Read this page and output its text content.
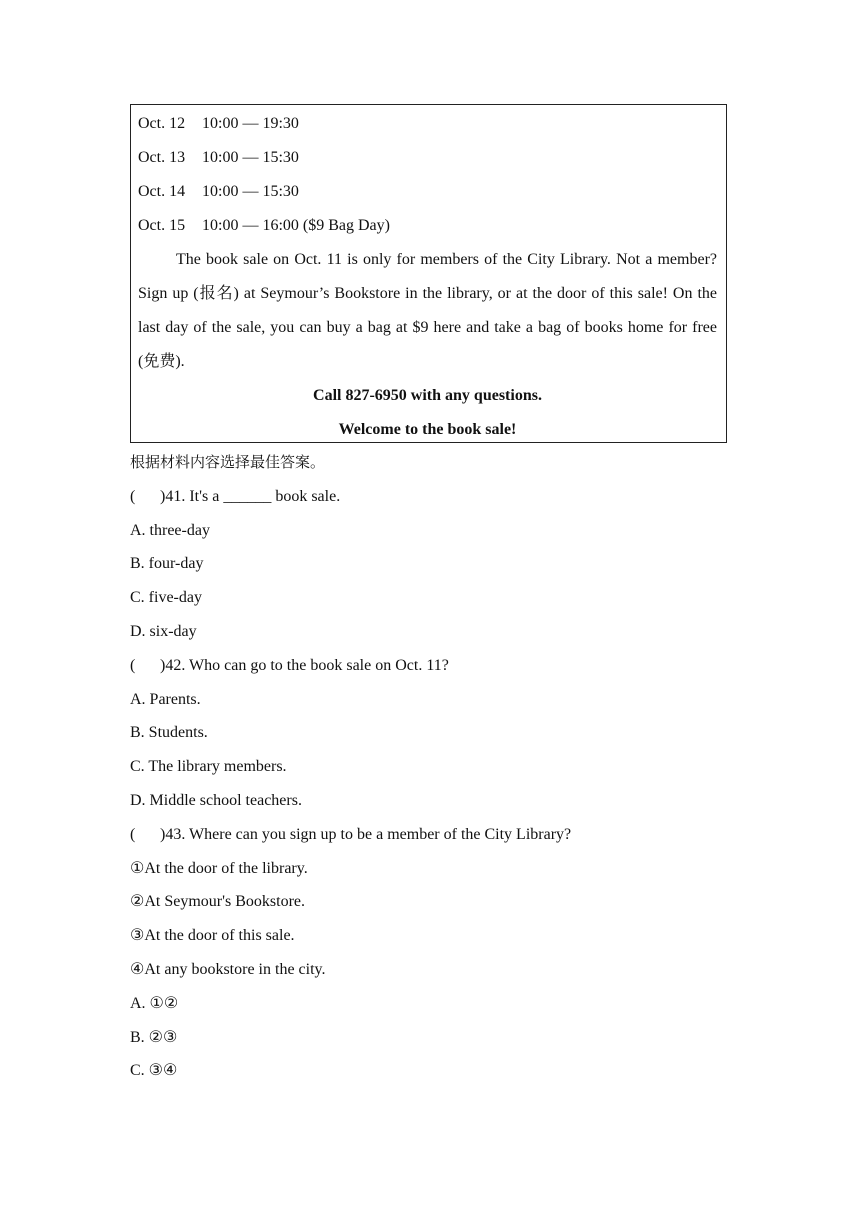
Oct. 12 10:00 — 19:30
Oct. 13 10:00 — 15:30
Oct. 14 10:00 — 15:30
Oct. 15 10:00 — 16:00 ($9 Bag Day)

The book sale on Oct. 11 is only for members of the City Library. Not a member? Sign up (报名) at Seymour’s Bookstore in the library, or at the door of this sale! On the last day of the sale, you can buy a bag at $9 here and take a bag of books home for free (免费).

Call 827-6950 with any questions.
Welcome to the book sale!
根据材料内容选择最佳答案。
( )41. It's a ______ book sale.
A. three-day
B. four-day
C. five-day
D. six-day
( )42. Who can go to the book sale on Oct. 11?
A. Parents.
B. Students.
C. The library members.
D. Middle school teachers.
( )43. Where can you sign up to be a member of the City Library?
①At the door of the library.
②At Seymour's Bookstore.
③At the door of this sale.
④At any bookstore in the city.
A. ①②
B. ②③
C. ③④
